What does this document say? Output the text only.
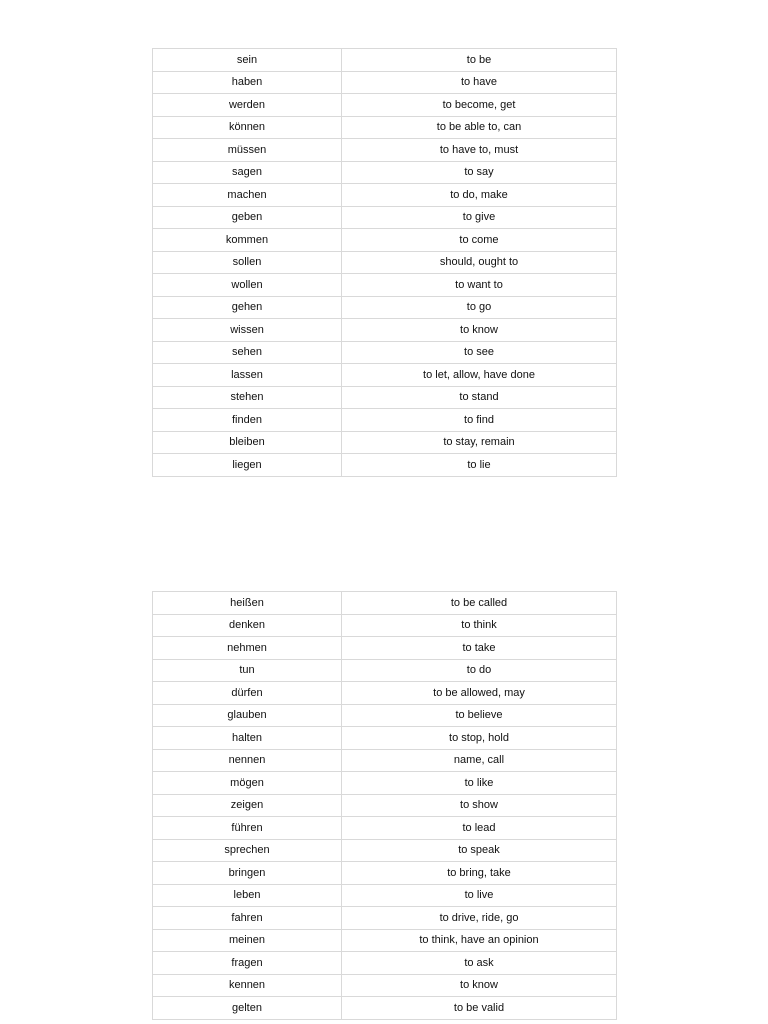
sein	to be
haben	to have
werden	to become, get
können	to be able to, can
müssen	to have to, must
sagen	to say
machen	to do, make
geben	to give
kommen	to come
sollen	should, ought to
wollen	to want to
gehen	to go
wissen	to know
sehen	to see
lassen	to let, allow, have done
stehen	to stand
finden	to find
bleiben	to stay, remain
liegen	to lie
heißen	to be called
denken	to think
nehmen	to take
tun	to do
dürfen	to be allowed, may
glauben	to believe
halten	to stop, hold
nennen	name, call
mögen	to like
zeigen	to show
führen	to lead
sprechen	to speak
bringen	to bring, take
leben	to live
fahren	to drive, ride, go
meinen	to think, have an opinion
fragen	to ask
kennen	to know
gelten	to be valid
